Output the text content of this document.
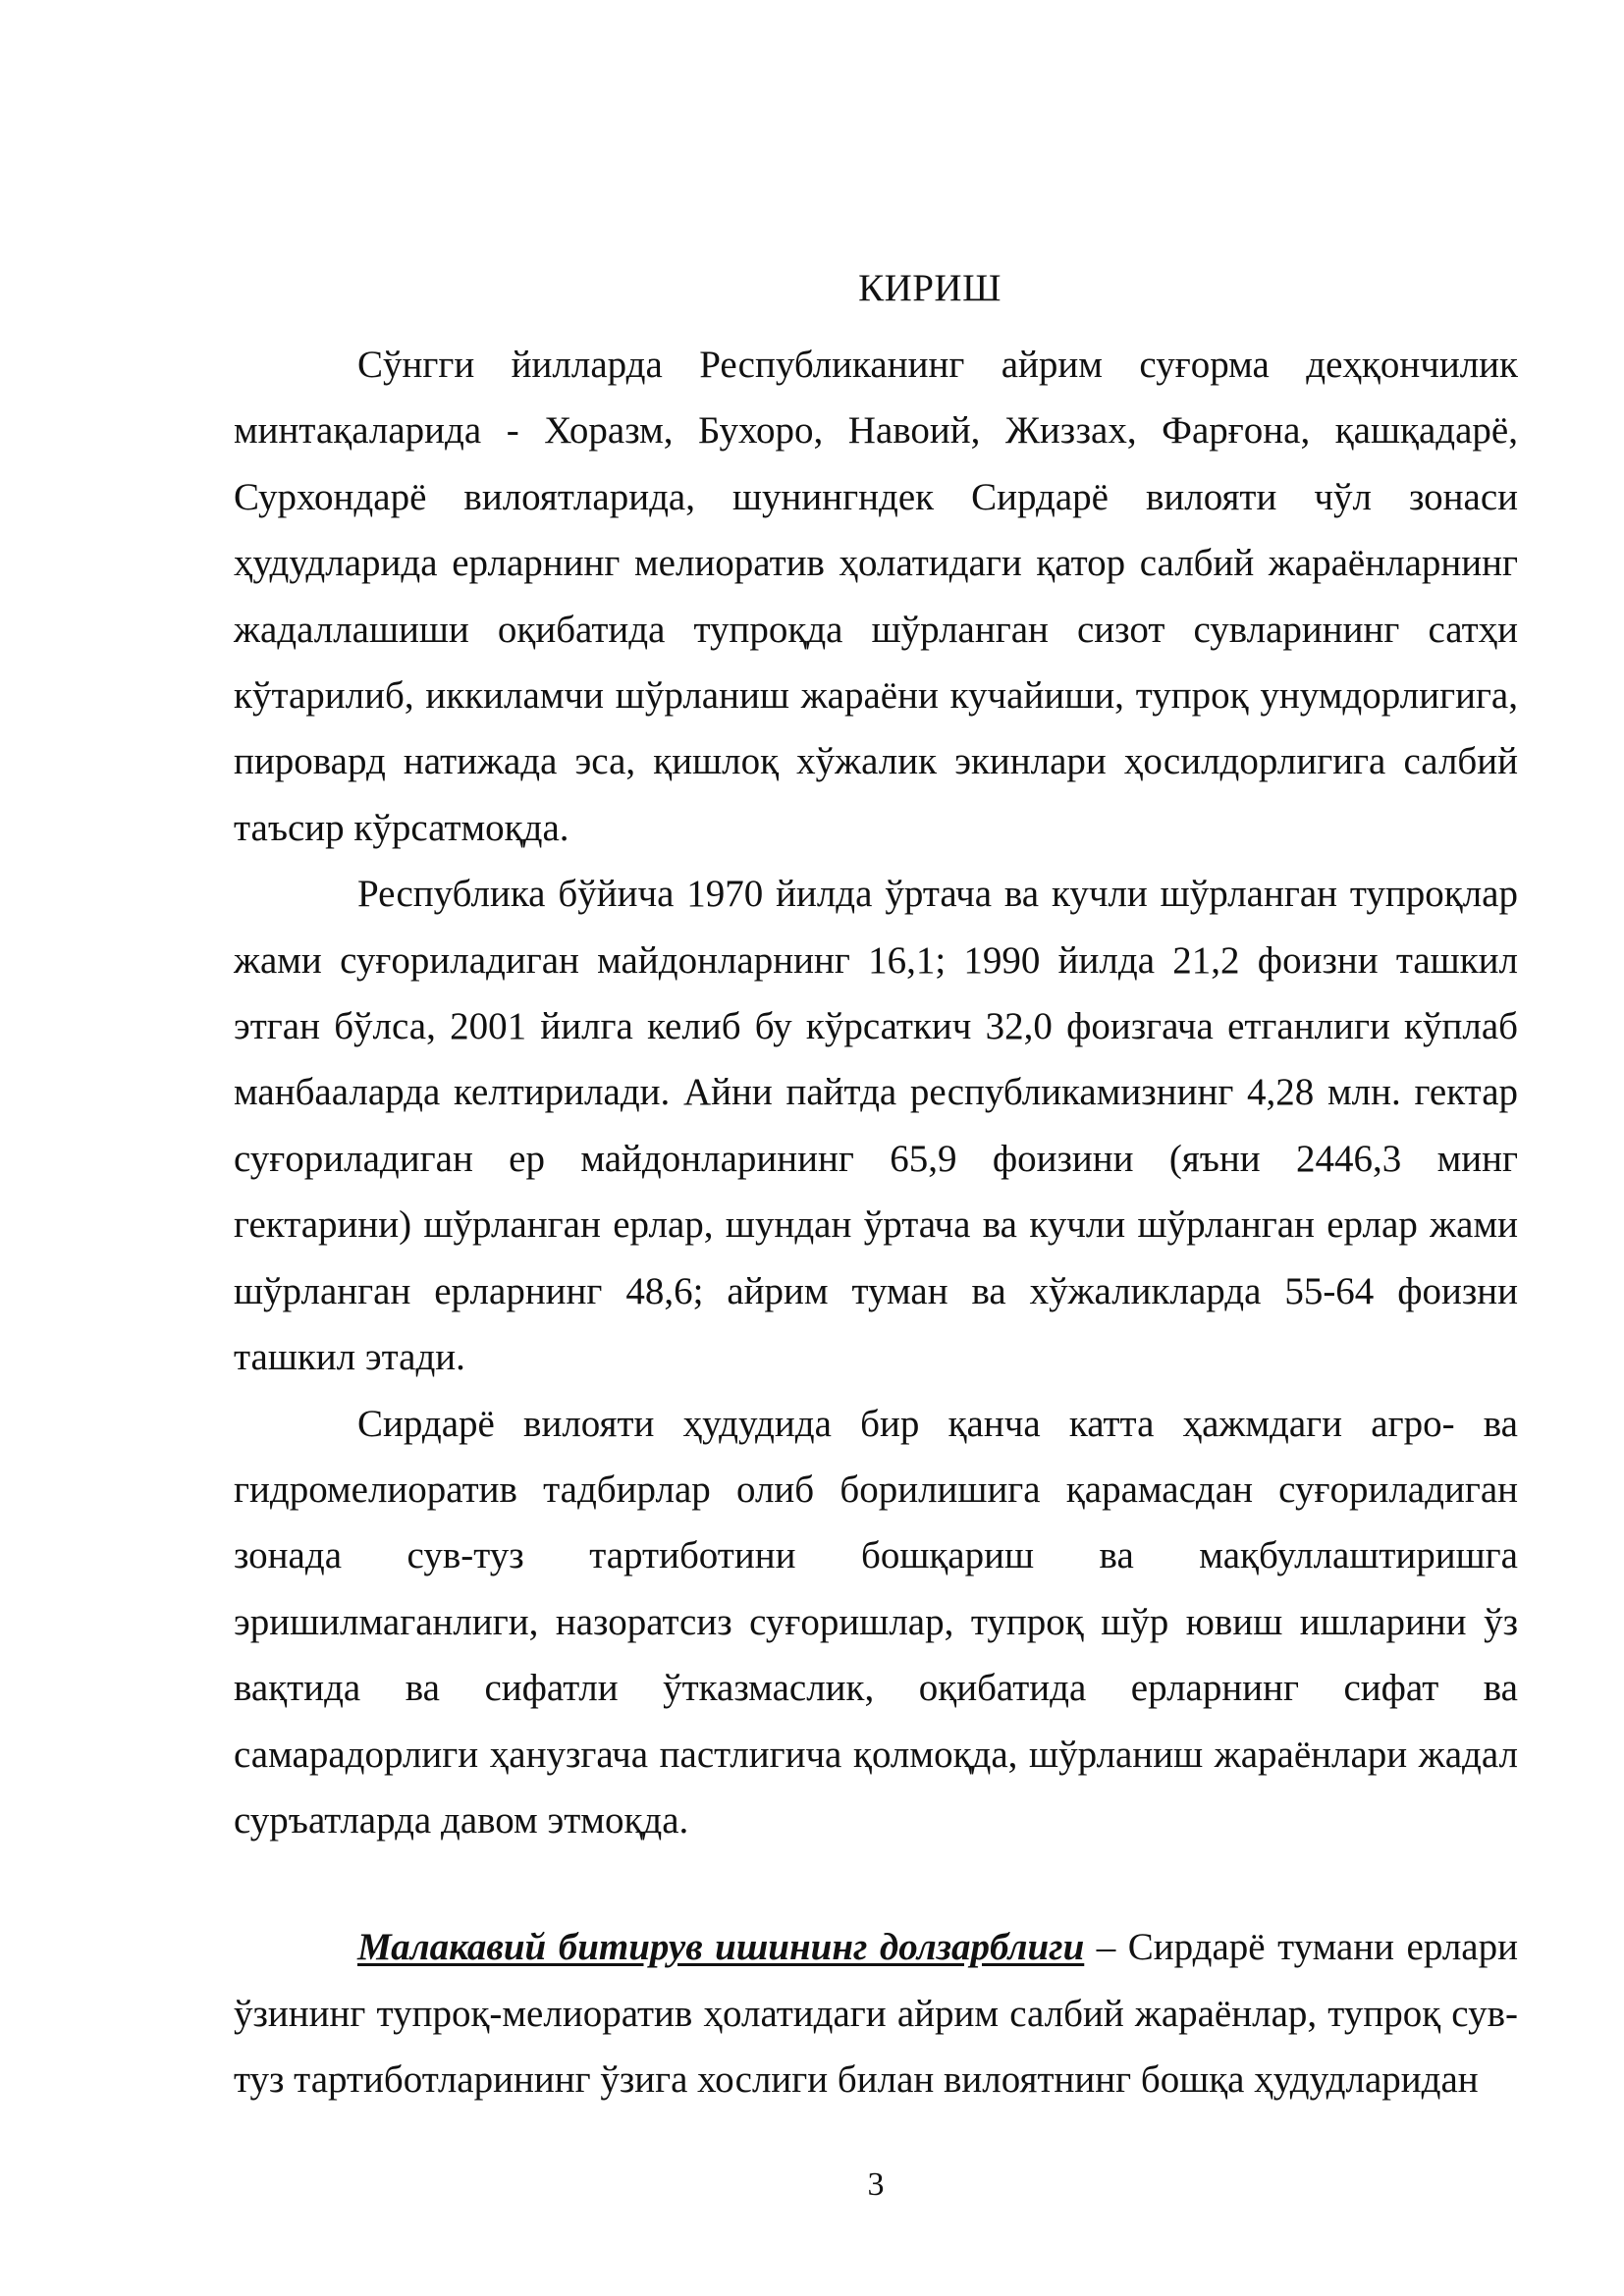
КИРИШ

Сўнгги йилларда Республиканинг айрим суғорма деҳқончилик минтақаларида - Хоразм, Бухоро, Навоий, Жиззах, Фарғона, қашқадарё, Сурхондарё вилоятларида, шунингндек Сирдарё вилояти чўл зонаси ҳудудларида ерларнинг мелиоратив ҳолатидаги қатор салбий жараёнларнинг жадаллашиши оқибатида тупроқда шўрланган сизот сувларининг сатҳи кўтарилиб, иккиламчи шўрланиш жараёни кучайиши, тупроқ унумдорлигига, пировард натижада эса, қишлоқ хўжалик экинлари ҳосилдорлигига салбий таъсир кўрсатмоқда.

Республика бўйича 1970 йилда ўртача ва кучли шўрланган тупроқлар жами суғориладиган майдонларнинг 16,1; 1990 йилда 21,2 фоизни ташкил этган бўлса, 2001 йилга келиб бу кўрсаткич 32,0 фоизгача етганлиги кўплаб манбааларда келтирилади. Айни пайтда республикамизнинг 4,28 млн. гектар суғориладиган ер майдонларининг 65,9 фоизини (яъни 2446,3 минг гектарини) шўрланган ерлар, шундан ўртача ва кучли шўрланган ерлар жами шўрланган ерларнинг 48,6; айрим туман ва хўжаликларда 55-64 фоизни ташкил этади.

Сирдарё вилояти ҳудудида бир қанча катта ҳажмдаги агро- ва гидромелиоратив тадбирлар олиб борилишига қарамасдан суғориладиган зонада сув-туз тартиботини бошқариш ва мақбуллаштиришга эришилмаганлиги, назоратсиз суғоришлар, тупроқ шўр ювиш ишларини ўз вақтида ва сифатли ўтказмаслик, оқибатида ерларнинг сифат ва самарадорлиги ҳанузгача пастлигича қолмоқда, шўрланиш жараёнлари жадал суръатларда давом этмоқда.

Малакавий битирув ишининг долзарблиги – Сирдарё тумани ерлари ўзининг тупроқ-мелиоратив ҳолатидаги айрим салбий жараёнлар, тупроқ сув-туз тартиботларининг ўзига хослиги билан вилоятнинг бошқа ҳудудларидан

3
